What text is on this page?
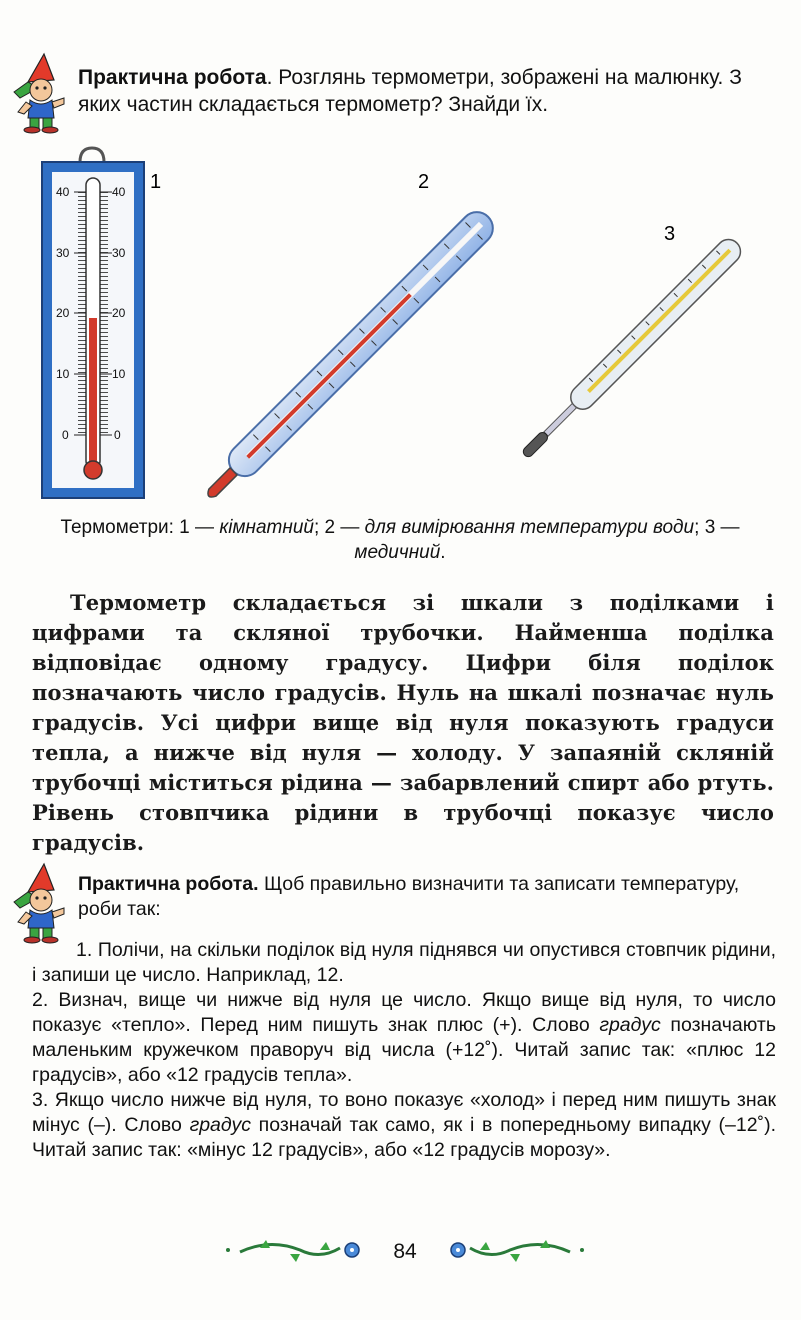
Практична робота. Розглянь термометри, зображені на малюнку. З яких частин складається термометр? Знайди їх.
40	40
30	30
20	20
10	10
0	0
1	2
3
Термометри: 1 — кімнатний; 2 — для вимірювання температури води; 3 — медичний.
Термометр складається зі шкали з поділками і цифрами та скляної трубочки. Найменша поділка відповідає одному градусу. Цифри біля поділок позначають число градусів. Нуль на шкалі позначає нуль градусів. Усі цифри вище від нуля показують градуси тепла, а нижче від нуля — холоду. У запаяній скляній трубочці міститься рідина — забарвлений спирт або ртуть. Рівень стовпчика рідини в трубочці показує число градусів.
Практична робота. Щоб правильно визначити та записати температуру, роби так:

1. Полічи, на скільки поділок від нуля піднявся чи опустився стовпчик рідини, і запиши це число. Наприклад, 12.

2. Визнач, вище чи нижче від нуля це число. Якщо вище від нуля, то число показує «тепло». Перед ним пишуть знак плюс (+). Слово градус позначають маленьким кружечком праворуч від числа (+12˚). Читай запис так: «плюс 12 градусів», або «12 градусів тепла».

3. Якщо число нижче від нуля, то воно показує «холод» і перед ним пишуть знак мінус (–). Слово градус позначай так само, як і в попередньому випадку (–12˚). Читай запис так: «мінус 12 градусів», або «12 градусів морозу».

84
